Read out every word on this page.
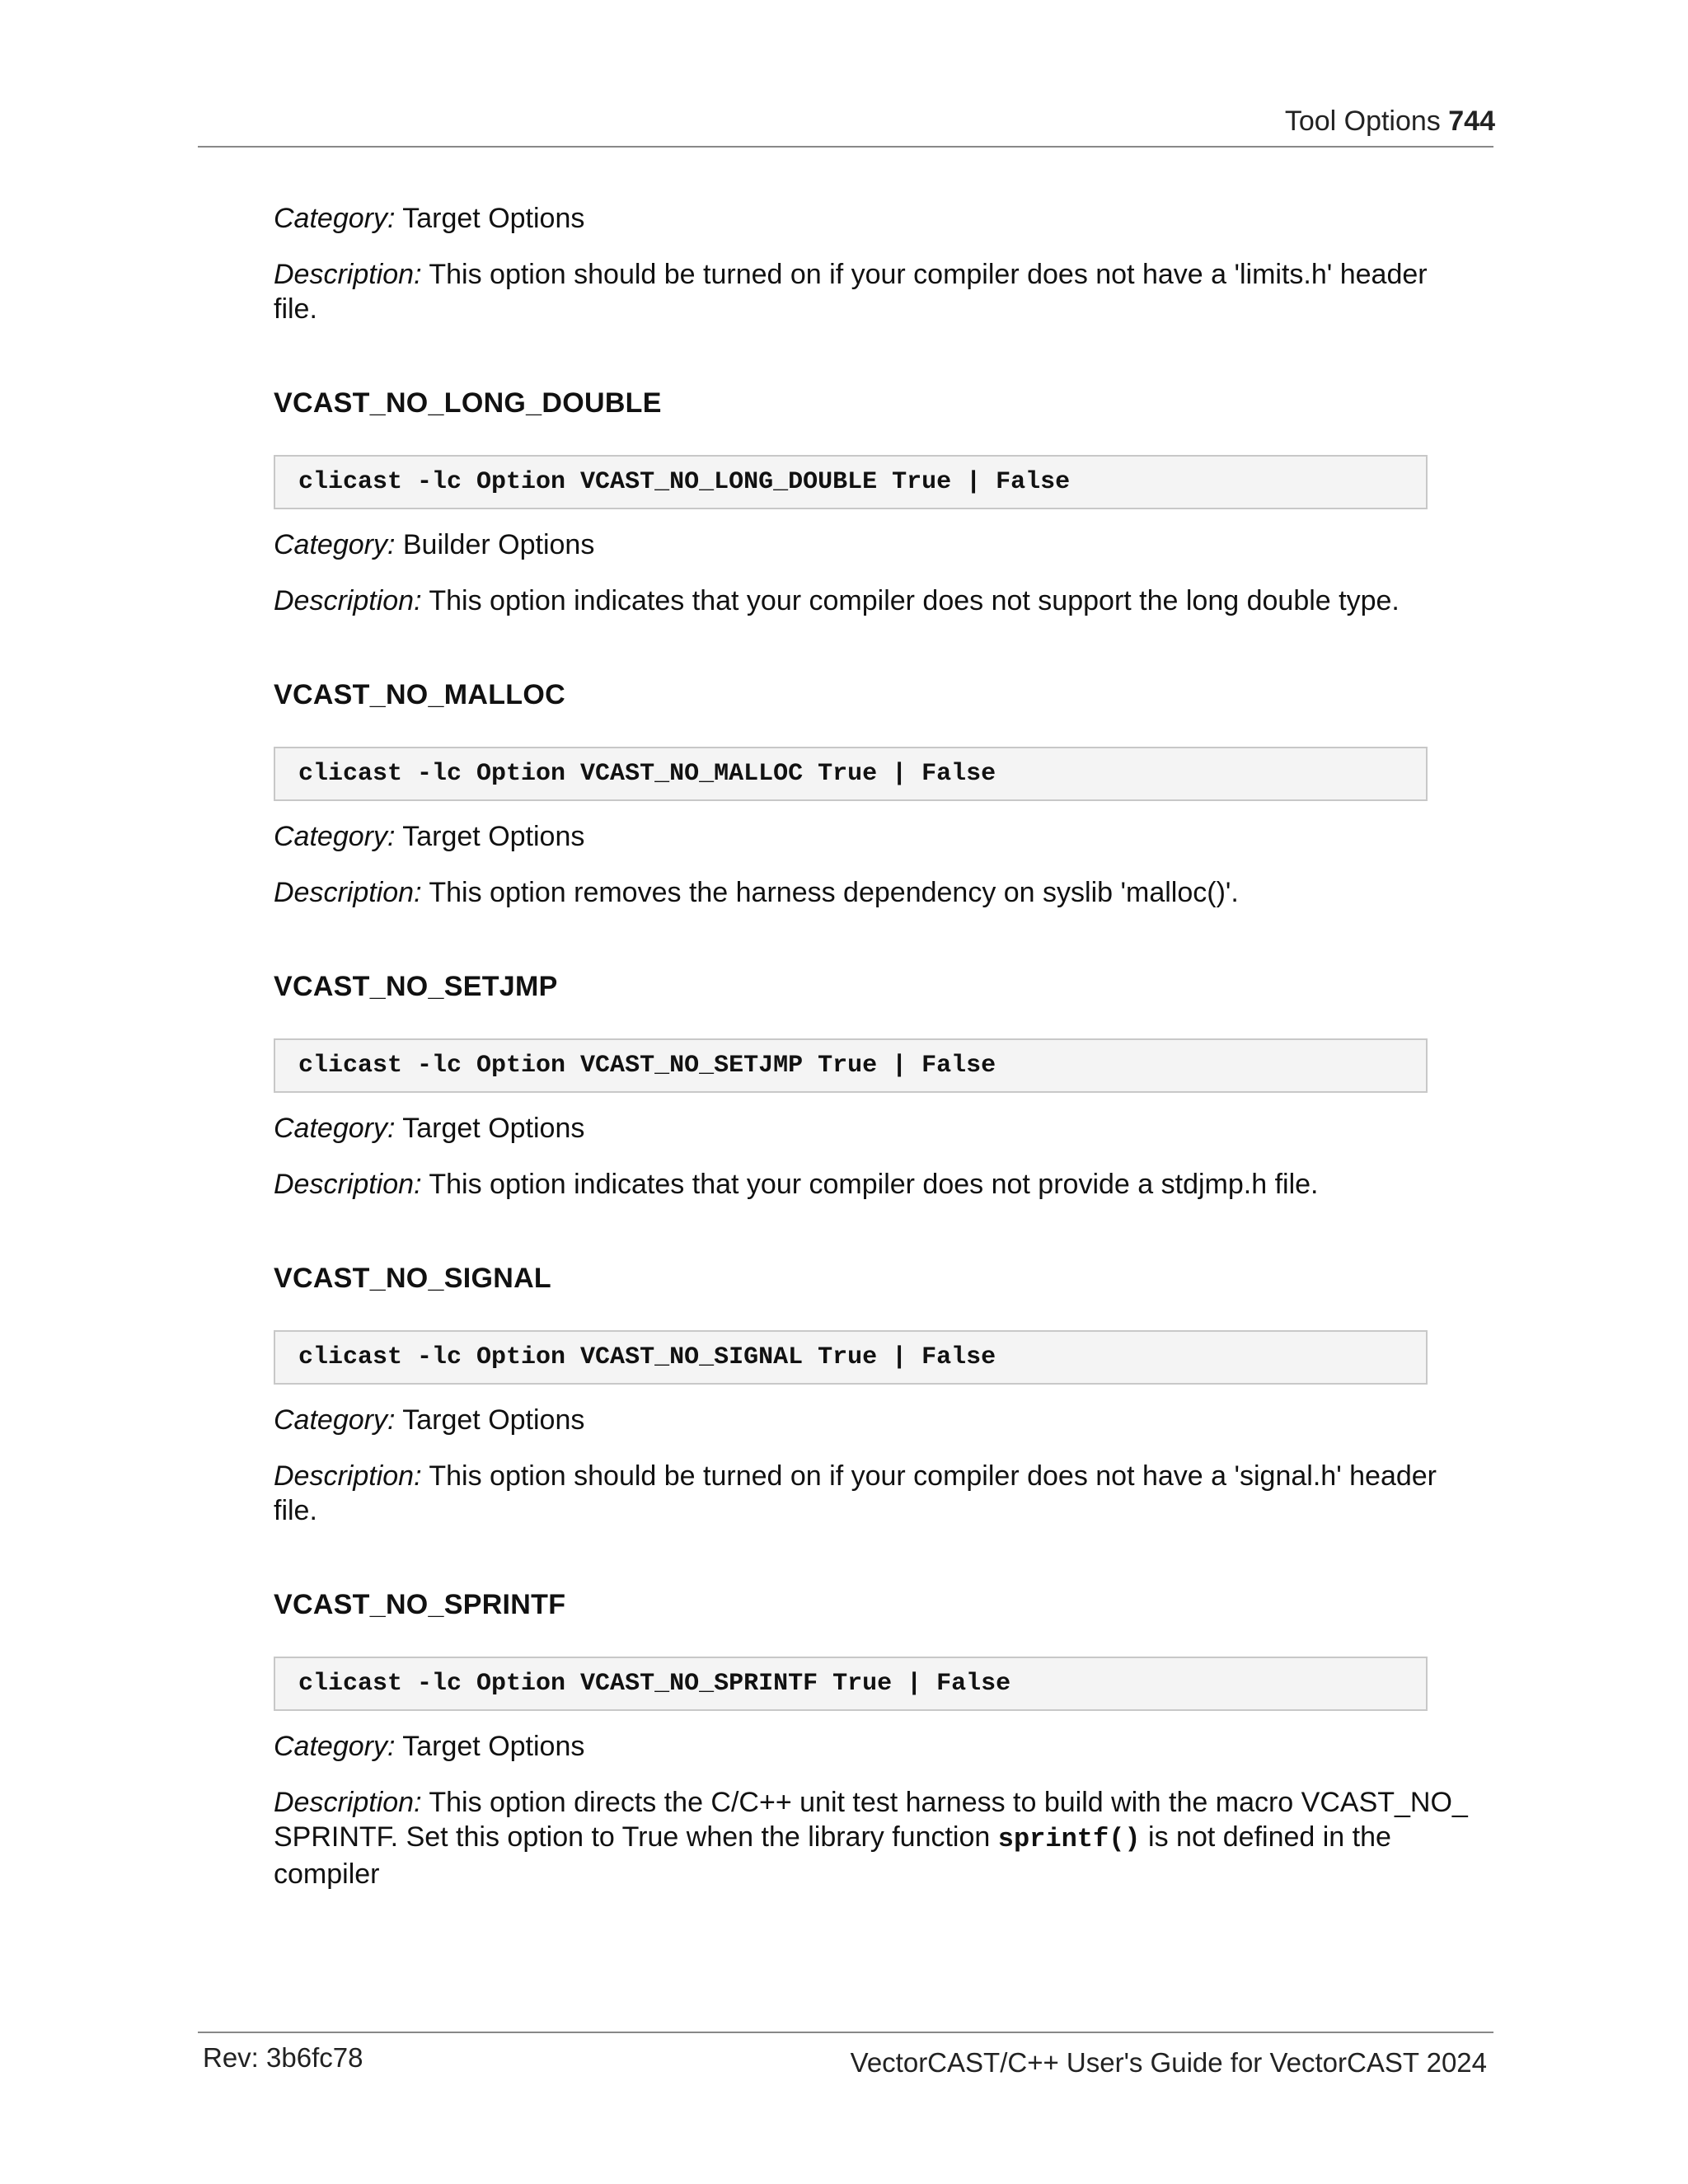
Tool Options 744

Category: Target Options

Description: This option should be turned on if your compiler does not have a 'limits.h' header file.

VCAST_NO_LONG_DOUBLE
clicast -lc Option VCAST_NO_LONG_DOUBLE True | False

Category: Builder Options

Description: This option indicates that your compiler does not support the long double type.

VCAST_NO_MALLOC
clicast -lc Option VCAST_NO_MALLOC True | False

Category: Target Options

Description: This option removes the harness dependency on syslib 'malloc()'.

VCAST_NO_SETJMP
clicast -lc Option VCAST_NO_SETJMP True | False

Category: Target Options

Description: This option indicates that your compiler does not provide a stdjmp.h file.

VCAST_NO_SIGNAL
clicast -lc Option VCAST_NO_SIGNAL True | False

Category: Target Options

Description: This option should be turned on if your compiler does not have a 'signal.h' header file.

VCAST_NO_SPRINTF
clicast -lc Option VCAST_NO_SPRINTF True | False

Category: Target Options

Description: This option directs the C/C++ unit test harness to build with the macro VCAST_NO_
SPRINTF. Set this option to True when the library function sprintf() is not defined in the compiler

Rev: 3b6fc78	VectorCAST/C++ User's Guide for VectorCAST 2024
